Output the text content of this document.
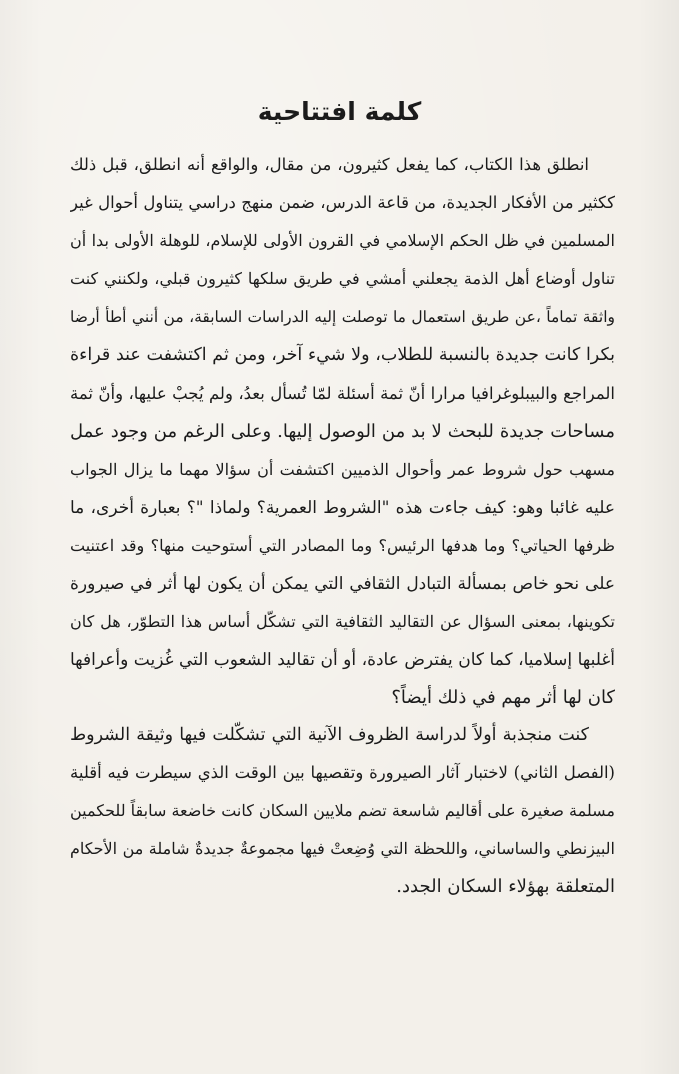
كلمة افتتاحية
انطلق هذا الكتاب، كما يفعل كثيرون، من مقال، والواقع أنه انطلق، قبل ذلك
ككثير من الأفكار الجديدة، من قاعة الدرس، ضمن منهج دراسي يتناول أحوال غير
المسلمين في ظل الحكم الإسلامي في القرون الأولى للإسلام، للوهلة الأولى بدا أن
تناول أوضاع أهل الذمة يجعلني أمشي في طريق سلكها كثيرون قبلي، ولكنني كنت
واثقة تماماً ،عن طريق استعمال ما توصلت إليه الدراسات السابقة، من أنني أطأ أرضا
بكرا كانت جديدة بالنسبة للطلاب، ولا شيء آخر، ومن ثم اكتشفت عند قراءة
المراجع والبيبلوغرافيا مرارا أنّ ثمة أسئلة لمّا تُسأل بعدُ، ولم يُجبْ عليها، وأنّ ثمة
مساحات جديدة للبحث لا بد من الوصول إليها. وعلى الرغم من وجود عمل
مسهب حول شروط عمر وأحوال الذميين اكتشفت أن سؤالا مهما ما يزال الجواب
عليه غائبا وهو: كيف جاءت هذه "الشروط العمرية؟ ولماذا "؟ بعبارة أخرى، ما
ظرفها الحياتي؟ وما هدفها الرئيس؟ وما المصادر التي أستوحيت منها؟ وقد اعتنيت
على نحو خاص بمسألة التبادل الثقافي التي يمكن أن يكون لها أثر في صيرورة
تكوينها، بمعنى السؤال عن التقاليد الثقافية التي تشكّل أساس هذا التطوّر، هل كان
أغلبها إسلاميا، كما كان يفترض عادة، أو أن تقاليد الشعوب التي غُزيت وأعرافها
كان لها أثر مهم في ذلك أيضاً؟
كنت منجذبة أولاً لدراسة الظروف الآنية التي تشكّلت فيها وثيقة الشروط
(الفصل الثاني) لاختبار آثار الصيرورة وتقصيها بين الوقت الذي سيطرت فيه أقلية
مسلمة صغيرة على أقاليم شاسعة تضم ملايين السكان كانت خاضعة سابقاً للحكمين
البيزنطي والساساني، واللحظة التي وُضِعتْ فيها مجموعةٌ جديدةٌ شاملة من الأحكام
المتعلقة بهؤلاء السكان الجدد.
